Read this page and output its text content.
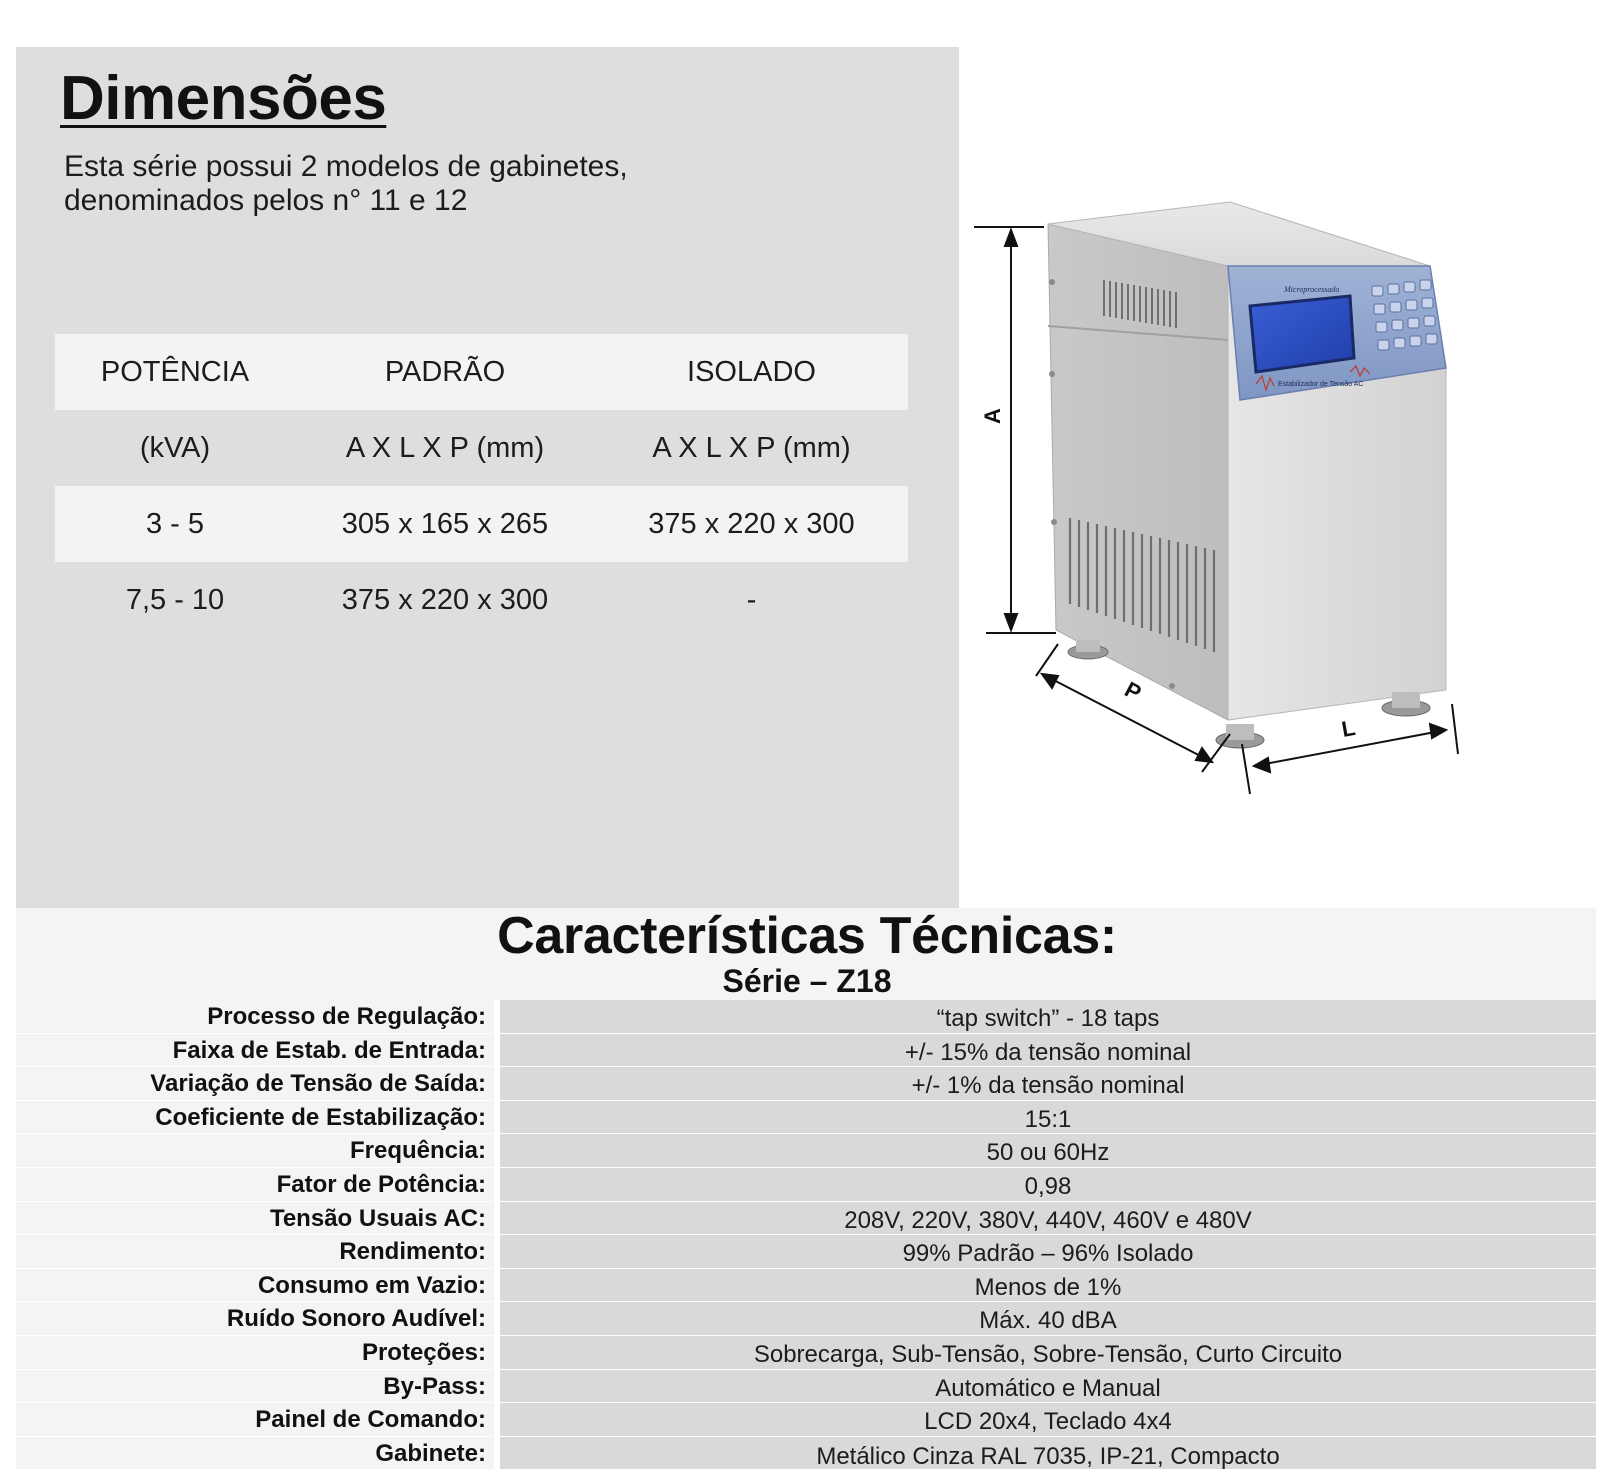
Dimensões
Esta série possui 2 modelos de gabinetes,
denominados pelos n° 11 e 12
POTÊNCIA	PADRÃO	ISOLADO
(kVA)	A X L X P (mm)	A X L X P (mm)
3 - 5	305 x 165 x 265	375 x 220 x 300
7,5 - 10	375 x 220 x 300	-
Microprocessado
Estabilizador de Tensão AC
A
P
L
Características Técnicas:
Série – Z18
Processo de Regulação:	“tap switch” - 18 taps
Faixa de Estab. de Entrada:	+/- 15% da tensão nominal
Variação de Tensão de Saída:	+/- 1% da tensão nominal
Coeficiente de Estabilização:	15:1
Frequência:	50 ou 60Hz
Fator de Potência:	0,98
Tensão Usuais AC:	208V, 220V, 380V, 440V, 460V e 480V
Rendimento:	99% Padrão – 96% Isolado
Consumo em Vazio:	Menos de 1%
Ruído Sonoro Audível:	Máx. 40 dBA
Proteções:	Sobrecarga, Sub-Tensão, Sobre-Tensão, Curto Circuito
By-Pass:	Automático e Manual
Painel de Comando:	LCD 20x4, Teclado 4x4
Gabinete:	Metálico Cinza RAL 7035, IP-21, Compacto
